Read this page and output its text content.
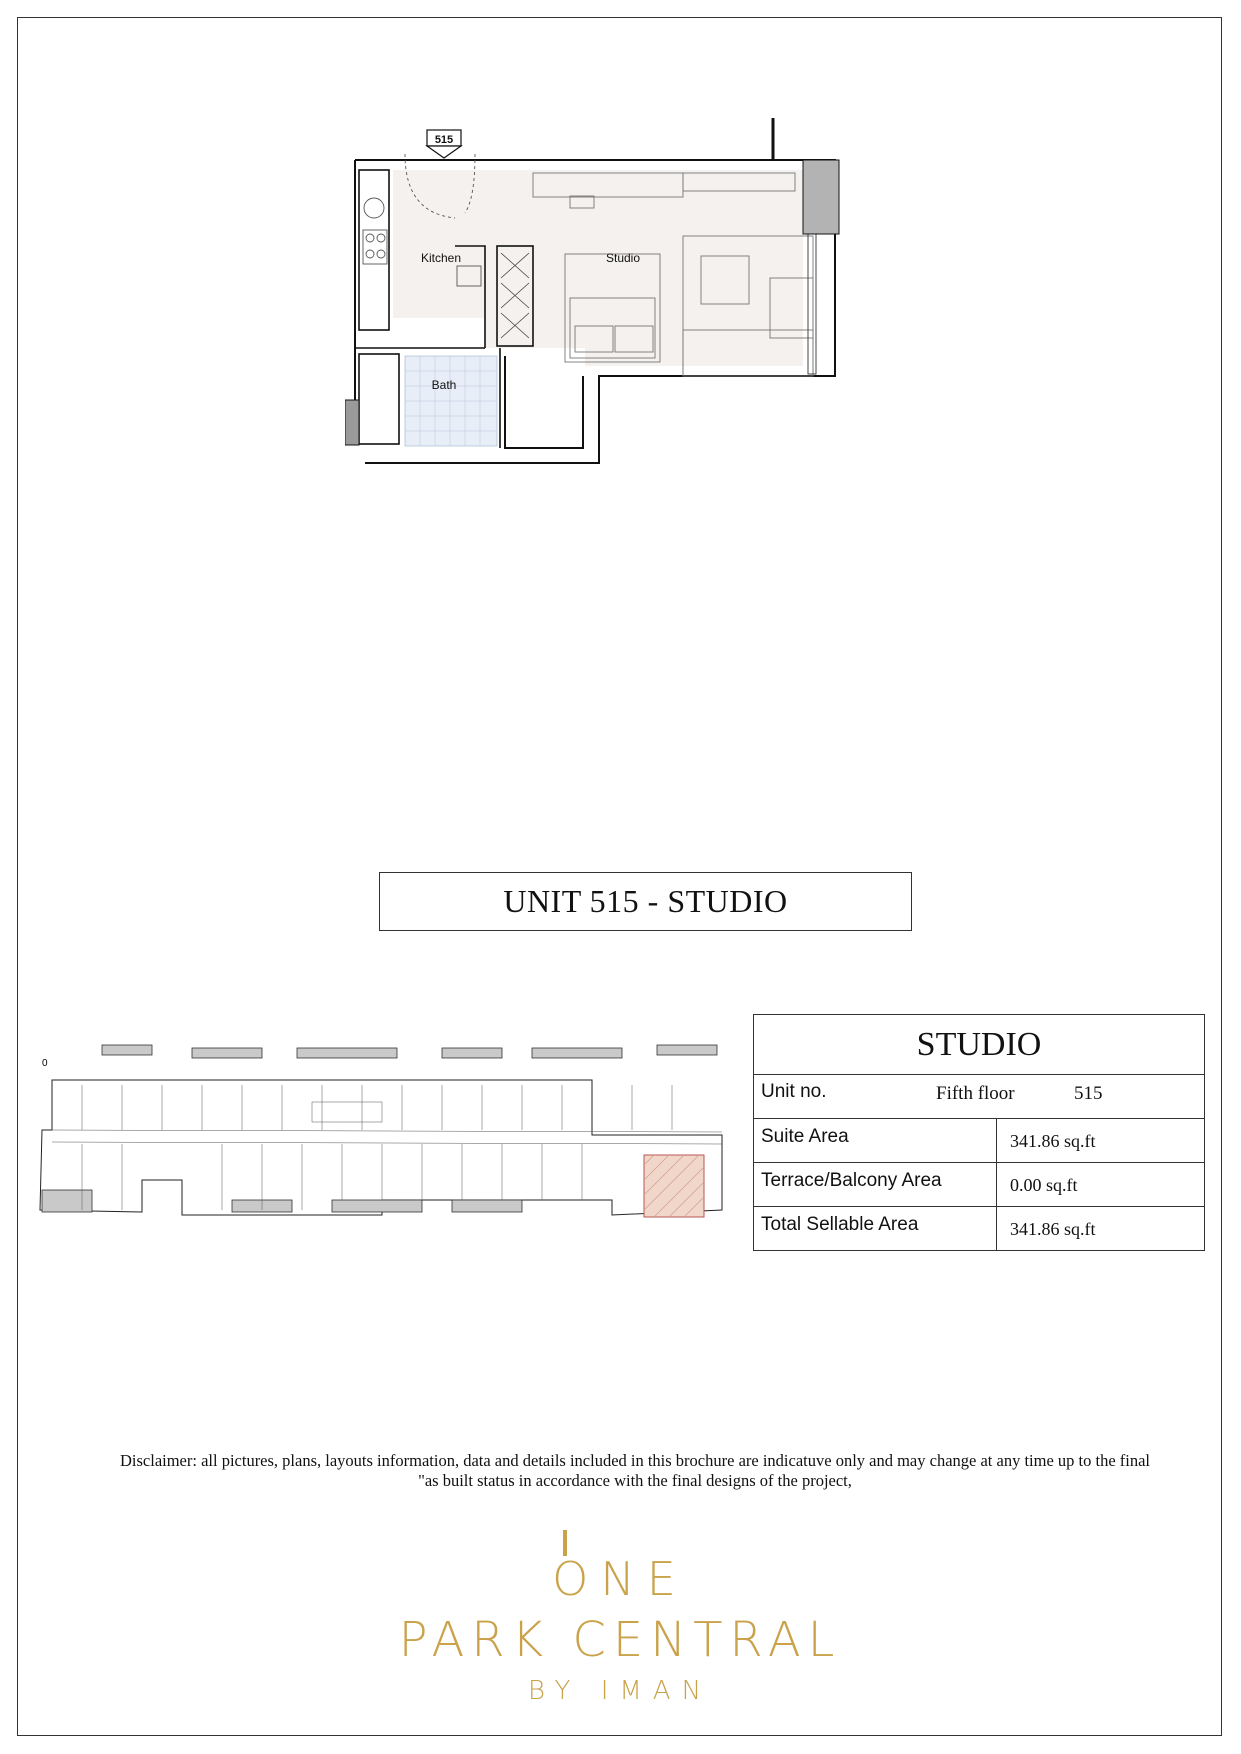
515
Kitchen	Studio
Bath
UNIT 515 - STUDIO
0
STUDIO
Unit no.	Fifth floor	515
Suite Area	341.86 sq.ft
Terrace/Balcony Area	0.00 sq.ft
Total Sellable Area	341.86 sq.ft
Disclaimer: all pictures, plans, layouts information, data and details included in this brochure are indicatuve only and may change at any time up to the final
"as built status in accordance with the final designs of the project,
ONE
PARK CENTRAL
BY IMAN
